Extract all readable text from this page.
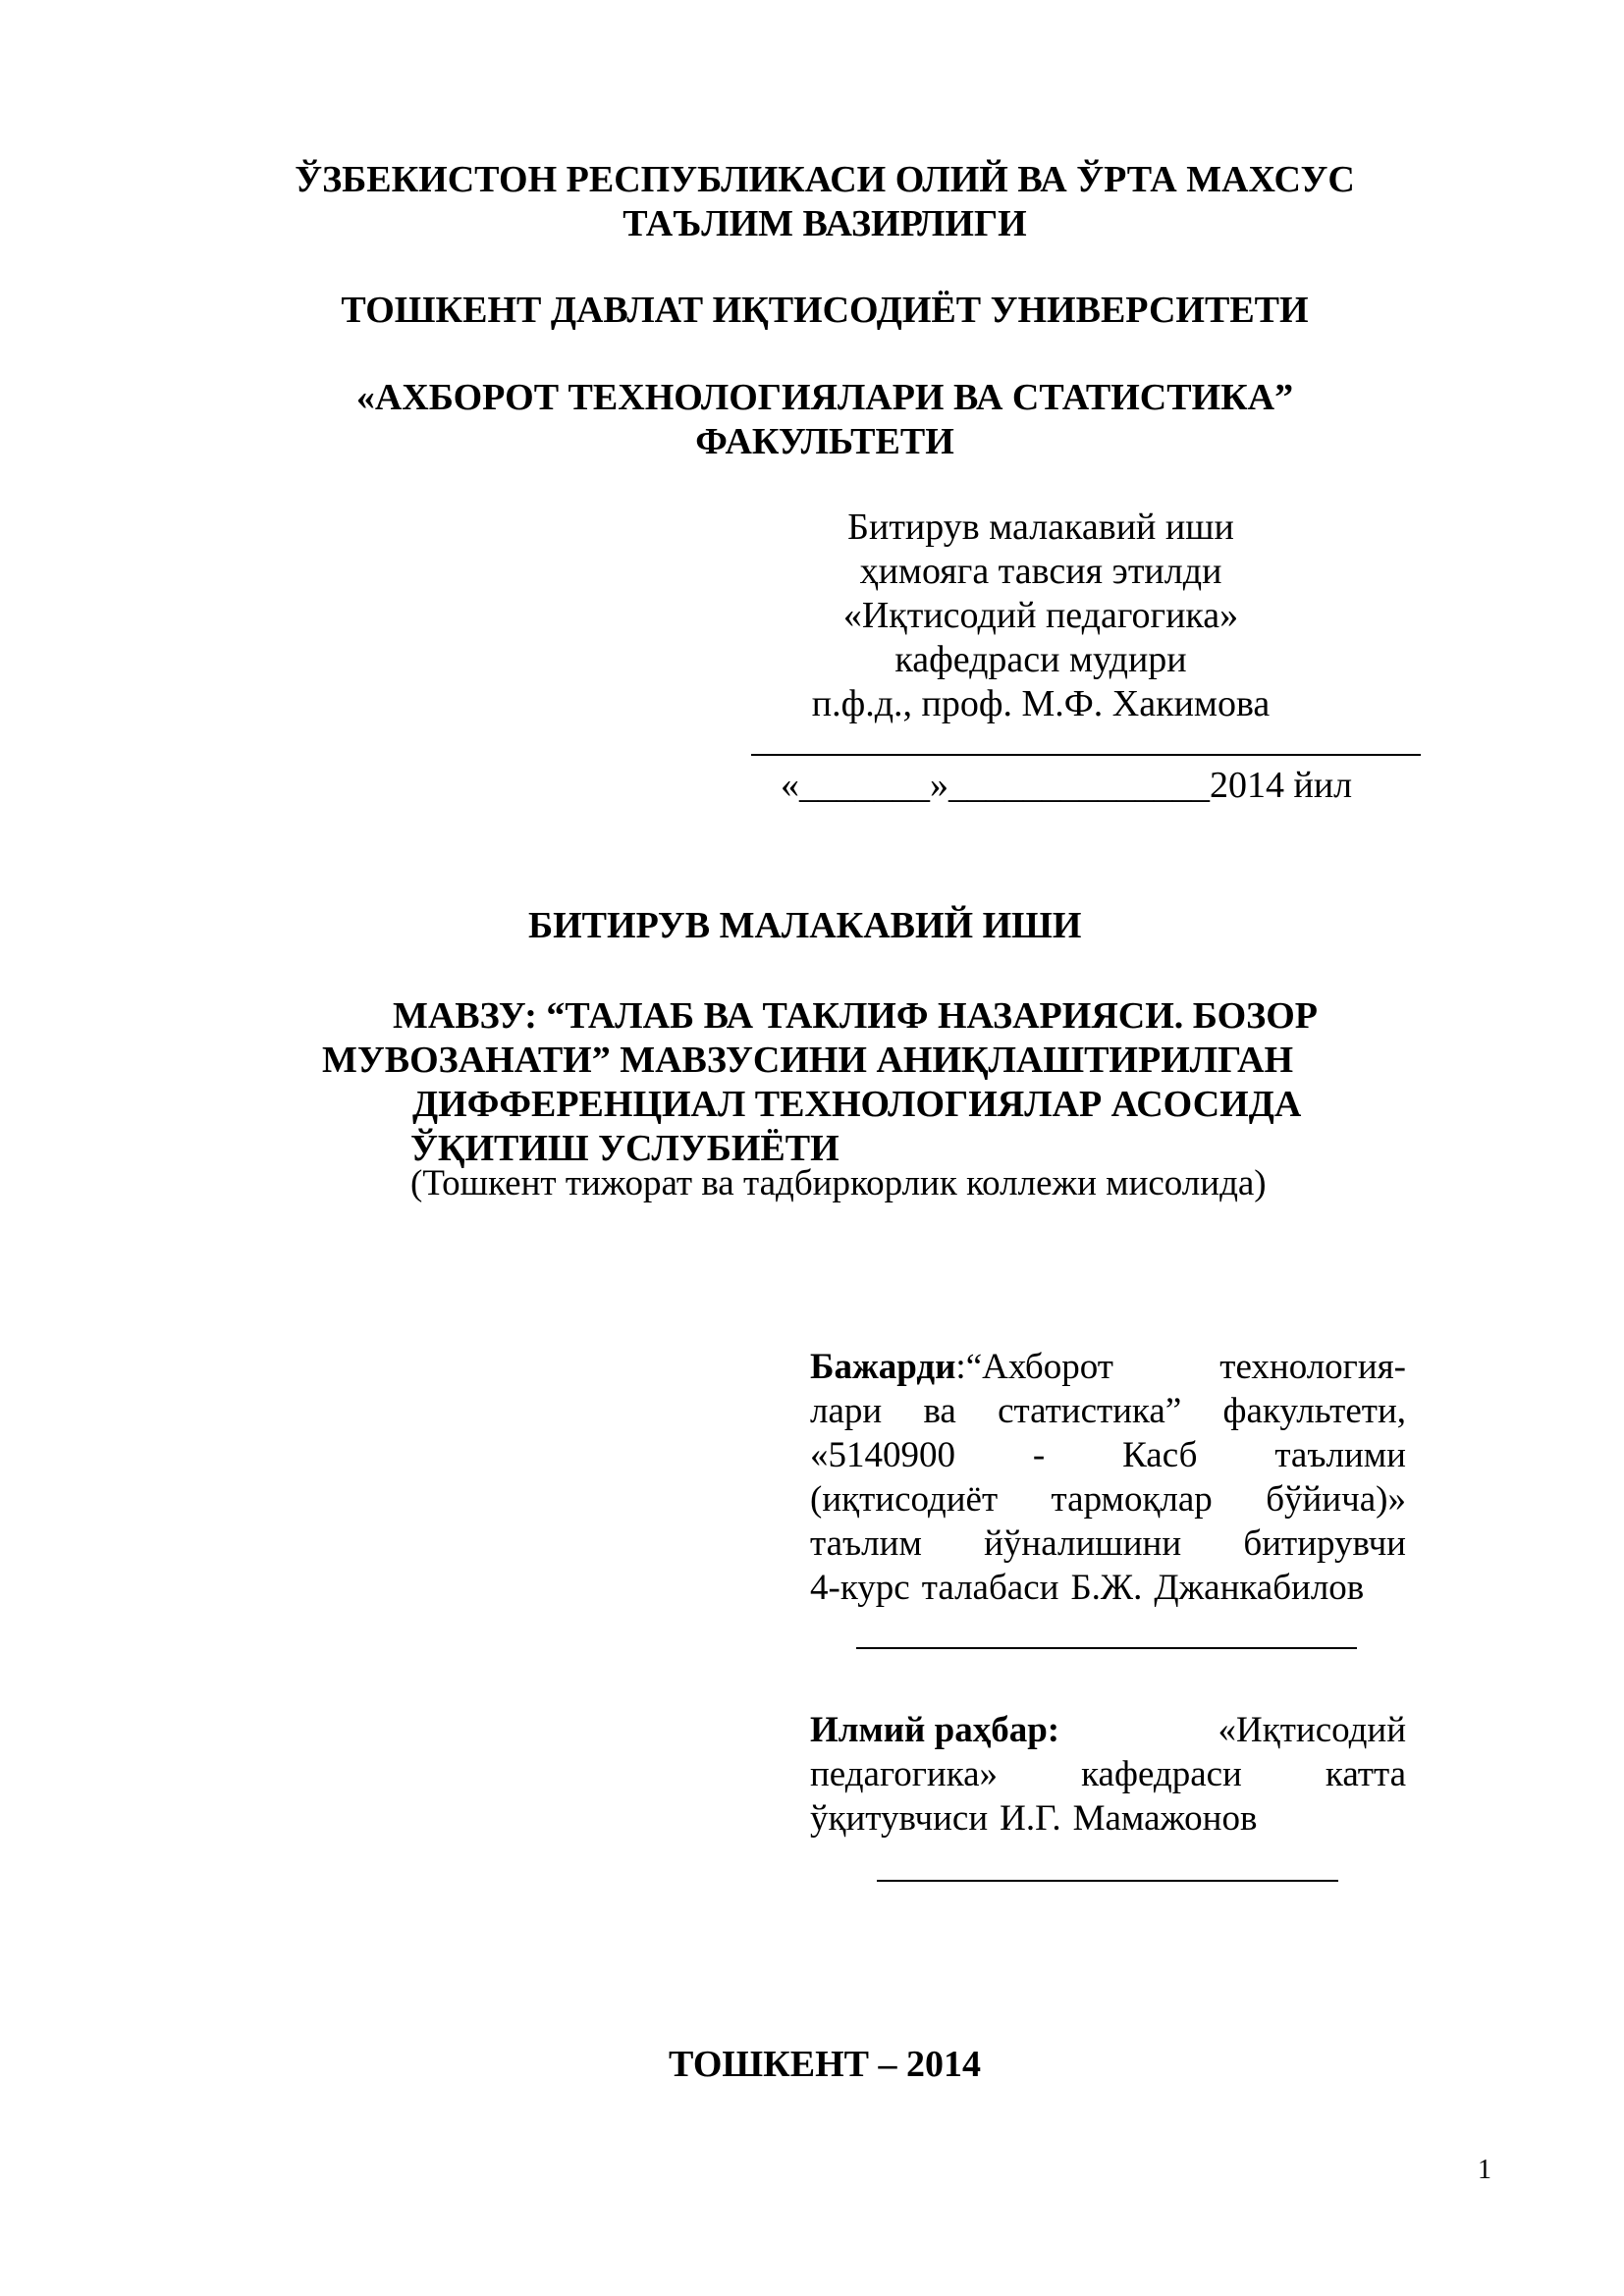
ЎЗБЕКИСТОН РЕСПУБЛИКАСИ ОЛИЙ ВА ЎРТА МАХСУС
ТАЪЛИМ ВАЗИРЛИГИ
ТОШКЕНТ ДАВЛАТ ИҚТИСОДИЁТ УНИВЕРСИТЕТИ
«АХБОРОТ ТЕХНОЛОГИЯЛАРИ ВА СТАТИСТИКА”
ФАКУЛЬТЕТИ
Битирув малакавий иши
ҳимояга тавсия этилди
«Иқтисодий педагогика»
кафедраси мудири
п.ф.д., проф. М.Ф. Хакимова
«_______»______________2014 йил
БИТИРУВ МАЛАКАВИЙ ИШИ
МАВЗУ: “ТАЛАБ ВА ТАКЛИФ НАЗАРИЯСИ. БОЗОР
МУВОЗАНАТИ” МАВЗУСИНИ АНИҚЛАШТИРИЛГАН
ДИФФЕРЕНЦИАЛ ТЕХНОЛОГИЯЛАР АСОСИДА
ЎҚИТИШ УСЛУБИЁТИ
(Тошкент тижорат ва тадбиркорлик коллежи мисолида)
Бажарди:“Ахборот	технология-
лари ва статистика” факультети,
«5140900 - Касб таълими
(иқтисодиёт тармоқлар бўйича)»
таълим йўналишини битирувчи
4-курс талабаси Б.Ж. Джанкабилов
Илмий раҳбар:	«Иқтисодий
педагогика» кафедраси катта
ўқитувчиси И.Г. Мамажонов
ТОШКЕНТ – 2014
1
